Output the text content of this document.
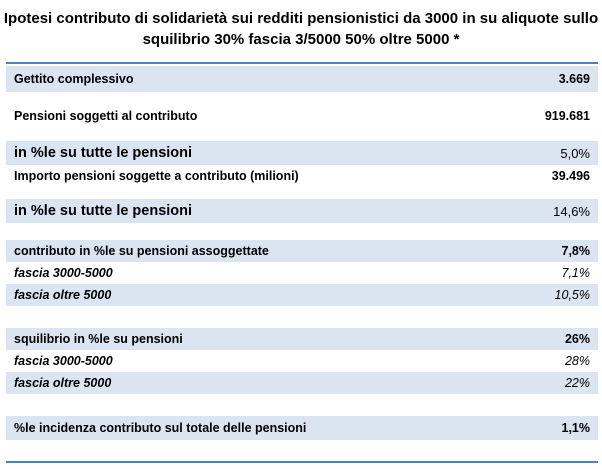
Ipotesi contributo di solidarietà sui redditi pensionistici da 3000 in su aliquote sullo
squilibrio 30% fascia 3/5000 50% oltre 5000 *
Gettito complessivo	3.669
Pensioni soggetti al contributo	919.681
in %le su tutte le pensioni	5,0%
Importo pensioni soggette a contributo (milioni)	39.496
in %le su tutte le pensioni	14,6%
contributo in %le su pensioni assoggettate	7,8%
fascia 3000-5000	7,1%
fascia oltre 5000	10,5%
squilibrio in %le su pensioni	26%
fascia 3000-5000	28%
fascia oltre 5000	22%
%le incidenza contributo sul totale delle pensioni	1,1%
